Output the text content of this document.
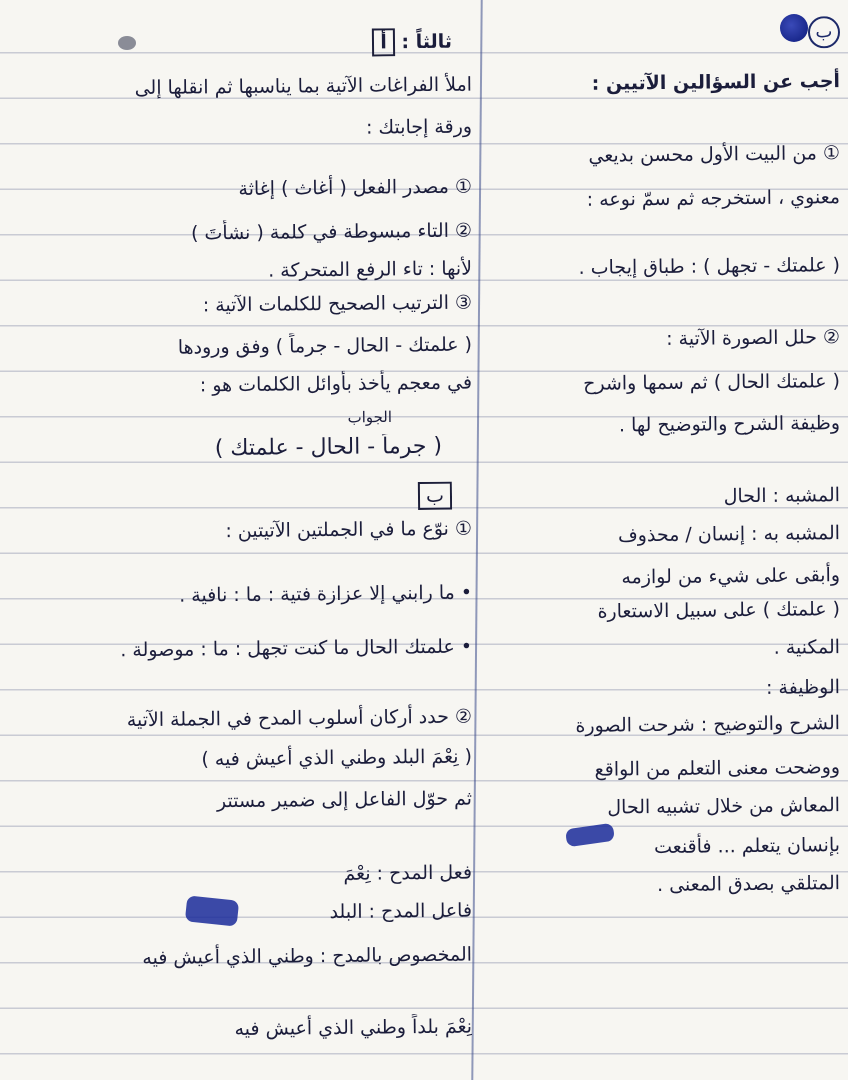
ب
أجب عن السؤالين الآتيين :
① من البيت الأول محسن بديعي
معنوي ، استخرجه ثم سمّ نوعه :
( علمتك - تجهل ) : طباق إيجاب .
② حلل الصورة الآتية :
( علمتك الحال ) ثم سمها واشرح
وظيفة الشرح والتوضيح لها .
المشبه : الحال
المشبه به : إنسان / محذوف
وأبقى على شيء من لوازمه
( علمتك ) على سبيل الاستعارة
المكنية .
الوظيفة :
الشرح والتوضيح : شرحت الصورة
ووضحت معنى التعلم من الواقع
المعاش من خلال تشبيه الحال
بإنسان يتعلم ... فأقنعت
المتلقي بصدق المعنى .
ثالثاً : أ
املأ الفراغات الآتية بما يناسبها ثم انقلها إلى
ورقة إجابتك :
① مصدر الفعل ( أغاث ) إغاثة
② التاء مبسوطة في كلمة ( نشأتَ )
لأنها : تاء الرفع المتحركة .
③ الترتيب الصحيح للكلمات الآتية :
( علمتك - الحال - جرماً ) وفق ورودها
في معجم يأخذ بأوائل الكلمات هو :
الجواب
( جرماً - الحال - علمتك )
ب
① نوّع ما في الجملتين الآتيتين :
• ما رابني إلا عزازة فتية : ما : نافية .
• علمتك الحال ما كنت تجهل : ما : موصولة .
② حدد أركان أسلوب المدح في الجملة الآتية
( نِعْمَ البلد وطني الذي أعيش فيه )
ثم حوّل الفاعل إلى ضمير مستتر
فعل المدح : نِعْمَ
فاعل المدح : البلد
المخصوص بالمدح : وطني الذي أعيش فيه
نِعْمَ بلداً وطني الذي أعيش فيه
